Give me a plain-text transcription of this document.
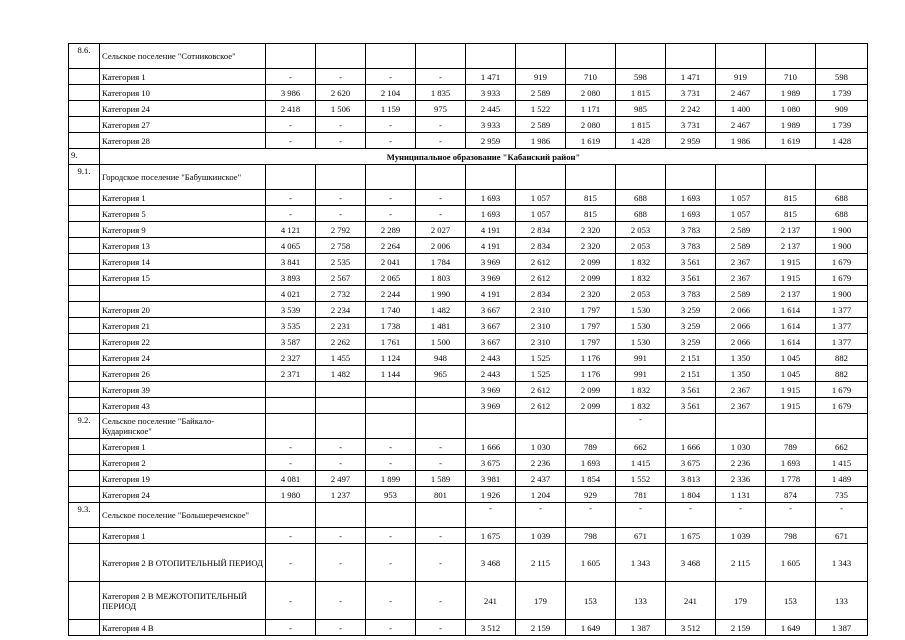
8.6.	Сельское поселение "Сотниковское"												
	Категория 1	-	-	-	-	1 471	919	710	598	1 471	919	710	598
	Категория 10	3 986	2 620	2 104	1 835	3 933	2 589	2 080	1 815	3 731	2 467	1 989	1 739
	Категория 24	2 418	1 506	1 159	975	2 445	1 522	1 171	985	2 242	1 400	1 080	909
	Категория 27	-	-	-	-	3 933	2 589	2 080	1 815	3 731	2 467	1 989	1 739
	Категория 28	-	-	-	-	2 959	1 986	1 619	1 428	2 959	1 986	1 619	1 428
9.	Муниципальное образование "Кабанский район"												
9.1.	Городское поселение "Бабушкинское"												
	Категория 1	-	-	-	-	1 693	1 057	815	688	1 693	1 057	815	688
	Категория 5	-	-	-	-	1 693	1 057	815	688	1 693	1 057	815	688
	Категория 9	4 121	2 792	2 289	2 027	4 191	2 834	2 320	2 053	3 783	2 589	2 137	1 900
	Категория 13	4 065	2 758	2 264	2 006	4 191	2 834	2 320	2 053	3 783	2 589	2 137	1 900
	Категория 14	3 841	2 535	2 041	1 784	3 969	2 612	2 099	1 832	3 561	2 367	1 915	1 679
	Категория 15	3 893	2 567	2 065	1 803	3 969	2 612	2 099	1 832	3 561	2 367	1 915	1 679
		4 021	2 732	2 244	1 990	4 191	2 834	2 320	2 053	3 783	2 589	2 137	1 900
	Категория 20	3 539	2 234	1 740	1 482	3 667	2 310	1 797	1 530	3 259	2 066	1 614	1 377
	Категория 21	3 535	2 231	1 738	1 481	3 667	2 310	1 797	1 530	3 259	2 066	1 614	1 377
	Категория 22	3 587	2 262	1 761	1 500	3 667	2 310	1 797	1 530	3 259	2 066	1 614	1 377
	Категория 24	2 327	1 455	1 124	948	2 443	1 525	1 176	991	2 151	1 350	1 045	882
	Категория 26	2 371	1 482	1 144	965	2 443	1 525	1 176	991	2 151	1 350	1 045	882
	Категория 39					3 969	2 612	2 099	1 832	3 561	2 367	1 915	1 679
	Категория 43					3 969	2 612	2 099	1 832	3 561	2 367	1 915	1 679
9.2.	Сельское поселение "Байкало-Кударинское"								-				
	Категория 1	-	-	-	-	1 666	1 030	789	662	1 666	1 030	789	662
	Категория 2	-	-	-	-	3 675	2 236	1 693	1 415	3 675	2 236	1 693	1 415
	Категория 19	4 081	2 497	1 899	1 589	3 981	2 437	1 854	1 552	3 813	2 336	1 778	1 489
	Категория 24	1 980	1 237	953	801	1 926	1 204	929	781	1 804	1 131	874	735
9.3.	Сельское поселение "Большереченское"					-	-	-	-	-	-	-	-
	Категория 1	-	-	-	-	1 675	1 039	798	671	1 675	1 039	798	671
	Категория 2 В ОТОПИТЕЛЬНЫЙ ПЕРИОД	-	-	-	-	3 468	2 115	1 605	1 343	3 468	2 115	1 605	1 343
	Категория 2 В МЕЖОТОПИТЕЛЬНЫЙ ПЕРИОД	-	-	-	-	241	179	153	133	241	179	153	133
	Категория 4 В	-	-	-	-	3 512	2 159	1 649	1 387	3 512	2 159	1 649	1 387
